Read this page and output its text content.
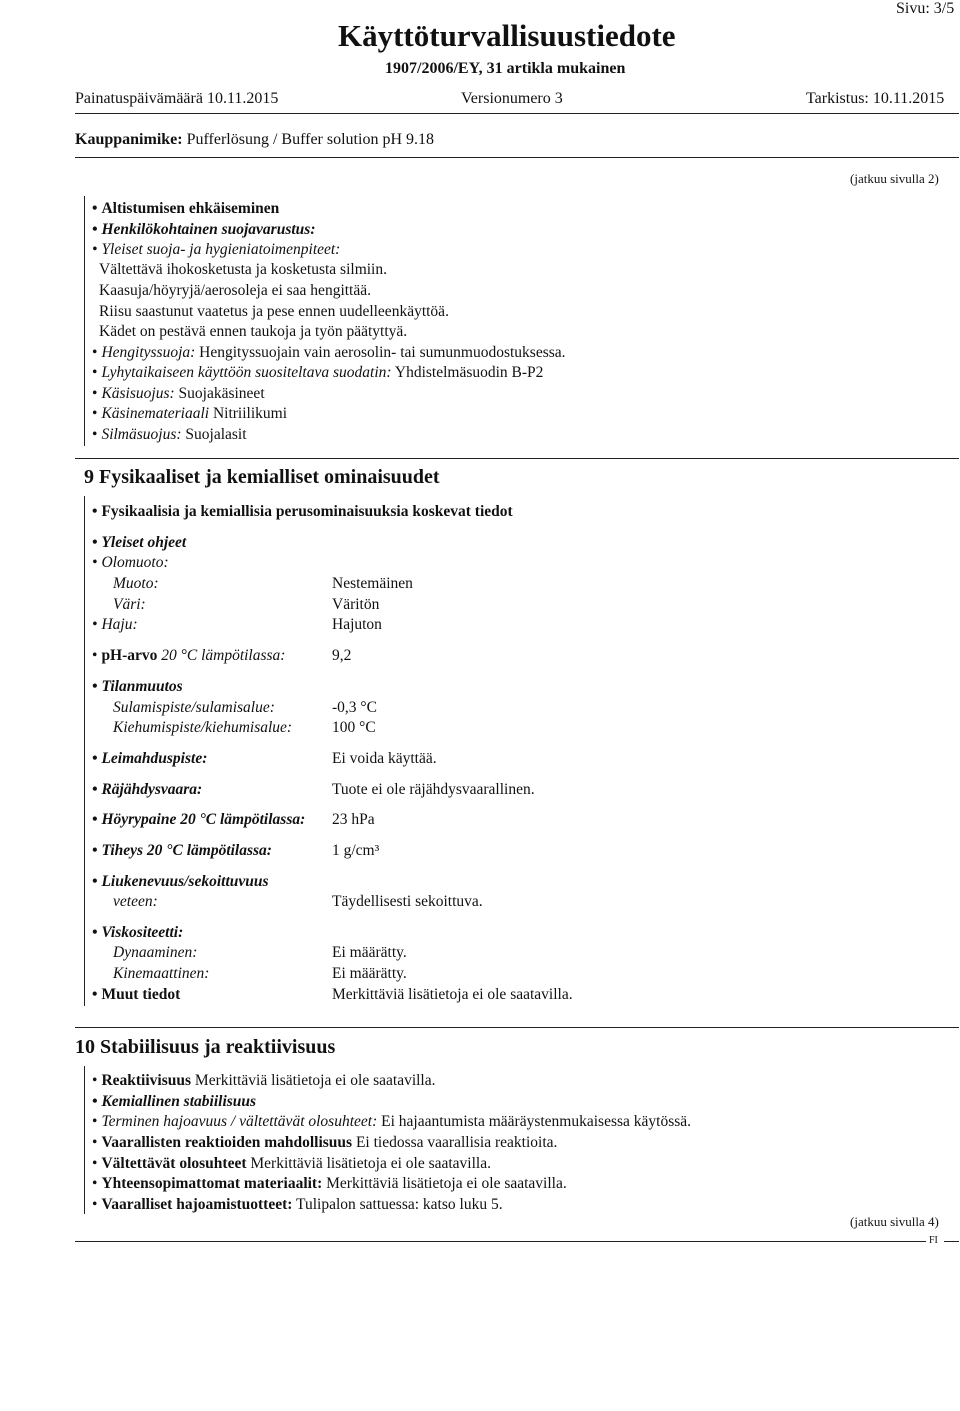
Käyttöturvallisuustiedote
1907/2006/EY, 31 artikla mukainen
Sivu: 3/5
Painatuspäivämäärä 10.11.2015	Versionumero 3	Tarkistus: 10.11.2015
Kauppanimike: Pufferlösung / Buffer solution pH 9.18
(jatkuu sivulla 2)
• Altistumisen ehkäiseminen
• Henkilökohtainen suojavarustus:
• Yleiset suoja- ja hygieniatoimenpiteet:
Vältettävä ihokosketusta ja kosketusta silmiin.
Kaasuja/höyryjä/aerosoleja ei saa hengittää.
Riisu saastunut vaatetus ja pese ennen uudelleenkäyttöä.
Kädet on pestävä ennen taukoja ja työn päätyttyä.
• Hengityssuoja: Hengityssuojain vain aerosolin- tai sumunmuodostuksessa.
• Lyhytaikaiseen käyttöön suositeltava suodatin: Yhdistelmäsuodin B-P2
• Käsisuojus: Suojakäsineet
• Käsinemateriaali Nitriilikumi
• Silmäsuojus: Suojalasit
9 Fysikaaliset ja kemialliset ominaisuudet
• Fysikaalisia ja kemiallisia perusominaisuuksia koskevat tiedot
• Yleiset ohjeet
• Olomuoto:
Muoto:	Nestemäinen
Väri:	Väritön
• Haju:	Hajuton
• pH-arvo 20 °C lämpötilassa:	9,2
• Tilanmuutos
Sulamispiste/sulamisalue:	-0,3 °C
Kiehumispiste/kiehumisalue:	100 °C
• Leimahduspiste:	Ei voida käyttää.
• Räjähdysvaara:	Tuote ei ole räjähdysvaarallinen.
• Höyrypaine 20 °C lämpötilassa: 23 hPa
• Tiheys 20 °C lämpötilassa:	1 g/cm³
• Liukenevuus/sekoittuvuus
veteen:	Täydellisesti sekoittuva.
• Viskositeetti:
Dynaaminen:	Ei määrätty.
Kinemaattinen:	Ei määrätty.
• Muut tiedot	Merkittäviä lisätietoja ei ole saatavilla.
10 Stabiilisuus ja reaktiivisuus
• Reaktiivisuus Merkittäviä lisätietoja ei ole saatavilla.
• Kemiallinen stabiilisuus
• Terminen hajoavuus / vältettävät olosuhteet: Ei hajaantumista määräystenmukaisessa käytössä.
• Vaarallisten reaktioiden mahdollisuus Ei tiedossa vaarallisia reaktioita.
• Vältettävät olosuhteet Merkittäviä lisätietoja ei ole saatavilla.
• Yhteensopimattomat materiaalit: Merkittäviä lisätietoja ei ole saatavilla.
• Vaaralliset hajoamistuotteet: Tulipalon sattuessa: katso luku 5.
(jatkuu sivulla 4)
FI
